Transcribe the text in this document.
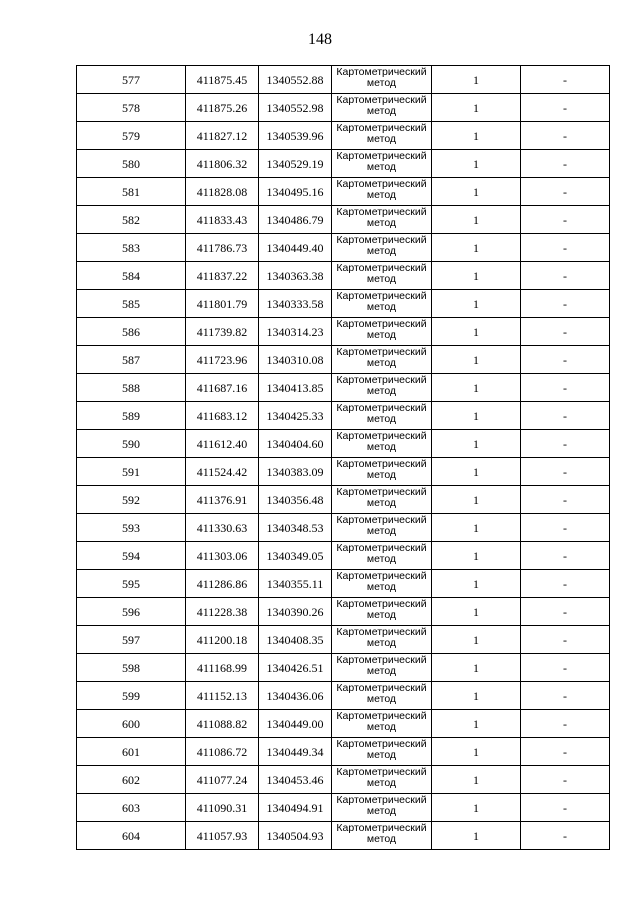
148
577	411875.45	1340552.88	Картометрический метод	1	-
578	411875.26	1340552.98	Картометрический метод	1	-
579	411827.12	1340539.96	Картометрический метод	1	-
580	411806.32	1340529.19	Картометрический метод	1	-
581	411828.08	1340495.16	Картометрический метод	1	-
582	411833.43	1340486.79	Картометрический метод	1	-
583	411786.73	1340449.40	Картометрический метод	1	-
584	411837.22	1340363.38	Картометрический метод	1	-
585	411801.79	1340333.58	Картометрический метод	1	-
586	411739.82	1340314.23	Картометрический метод	1	-
587	411723.96	1340310.08	Картометрический метод	1	-
588	411687.16	1340413.85	Картометрический метод	1	-
589	411683.12	1340425.33	Картометрический метод	1	-
590	411612.40	1340404.60	Картометрический метод	1	-
591	411524.42	1340383.09	Картометрический метод	1	-
592	411376.91	1340356.48	Картометрический метод	1	-
593	411330.63	1340348.53	Картометрический метод	1	-
594	411303.06	1340349.05	Картометрический метод	1	-
595	411286.86	1340355.11	Картометрический метод	1	-
596	411228.38	1340390.26	Картометрический метод	1	-
597	411200.18	1340408.35	Картометрический метод	1	-
598	411168.99	1340426.51	Картометрический метод	1	-
599	411152.13	1340436.06	Картометрический метод	1	-
600	411088.82	1340449.00	Картометрический метод	1	-
601	411086.72	1340449.34	Картометрический метод	1	-
602	411077.24	1340453.46	Картометрический метод	1	-
603	411090.31	1340494.91	Картометрический метод	1	-
604	411057.93	1340504.93	Картометрический метод	1	-
